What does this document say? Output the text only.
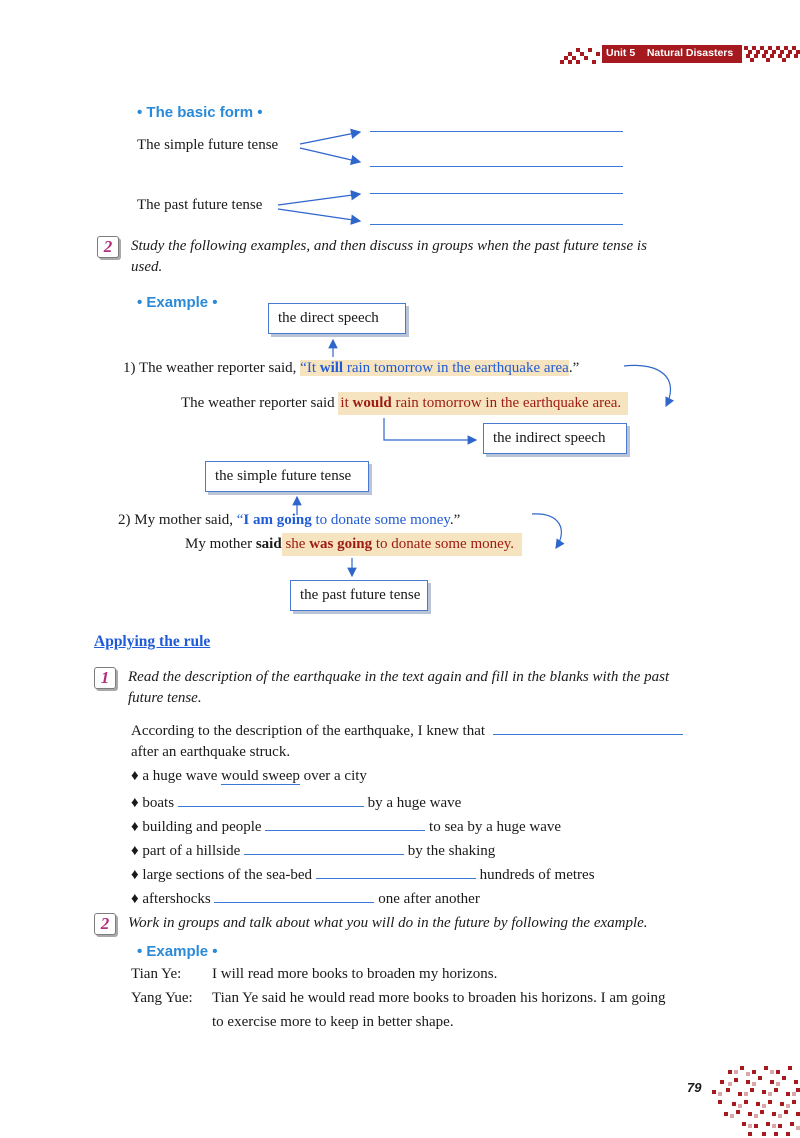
Unit 5 Natural Disasters
• The basic form •
The simple future tense
The past future tense
2	Study the following examples, and then discuss in groups when the past future tense is
used.
• Example •
the direct speech
1) The weather reporter said, “It will rain tomorrow in the earthquake area.”
The weather reporter said it would rain tomorrow in the earthquake area.
the indirect speech
the simple future tense
2) My mother said, “I am going to donate some money.”
My mother said she was going to donate some money.
the past future tense
Applying the rule
1	Read the description of the earthquake in the text again and fill in the blanks with the past
future tense.
According to the description of the earthquake, I knew that
after an earthquake struck.
♦ a huge wave would sweep over a city
♦ boats	by a huge wave
♦ building and people	to sea by a huge wave
♦ part of a hillside	by the shaking
♦ large sections of the sea-bed	hundreds of metres
♦ aftershocks	one after another
2	Work in groups and talk about what you will do in the future by following the example.
• Example •
Tian Ye: I will read more books to broaden my horizons.
Yang Yue: Tian Ye said he would read more books to broaden his horizons. I am going
to exercise more to keep in better shape.
79
